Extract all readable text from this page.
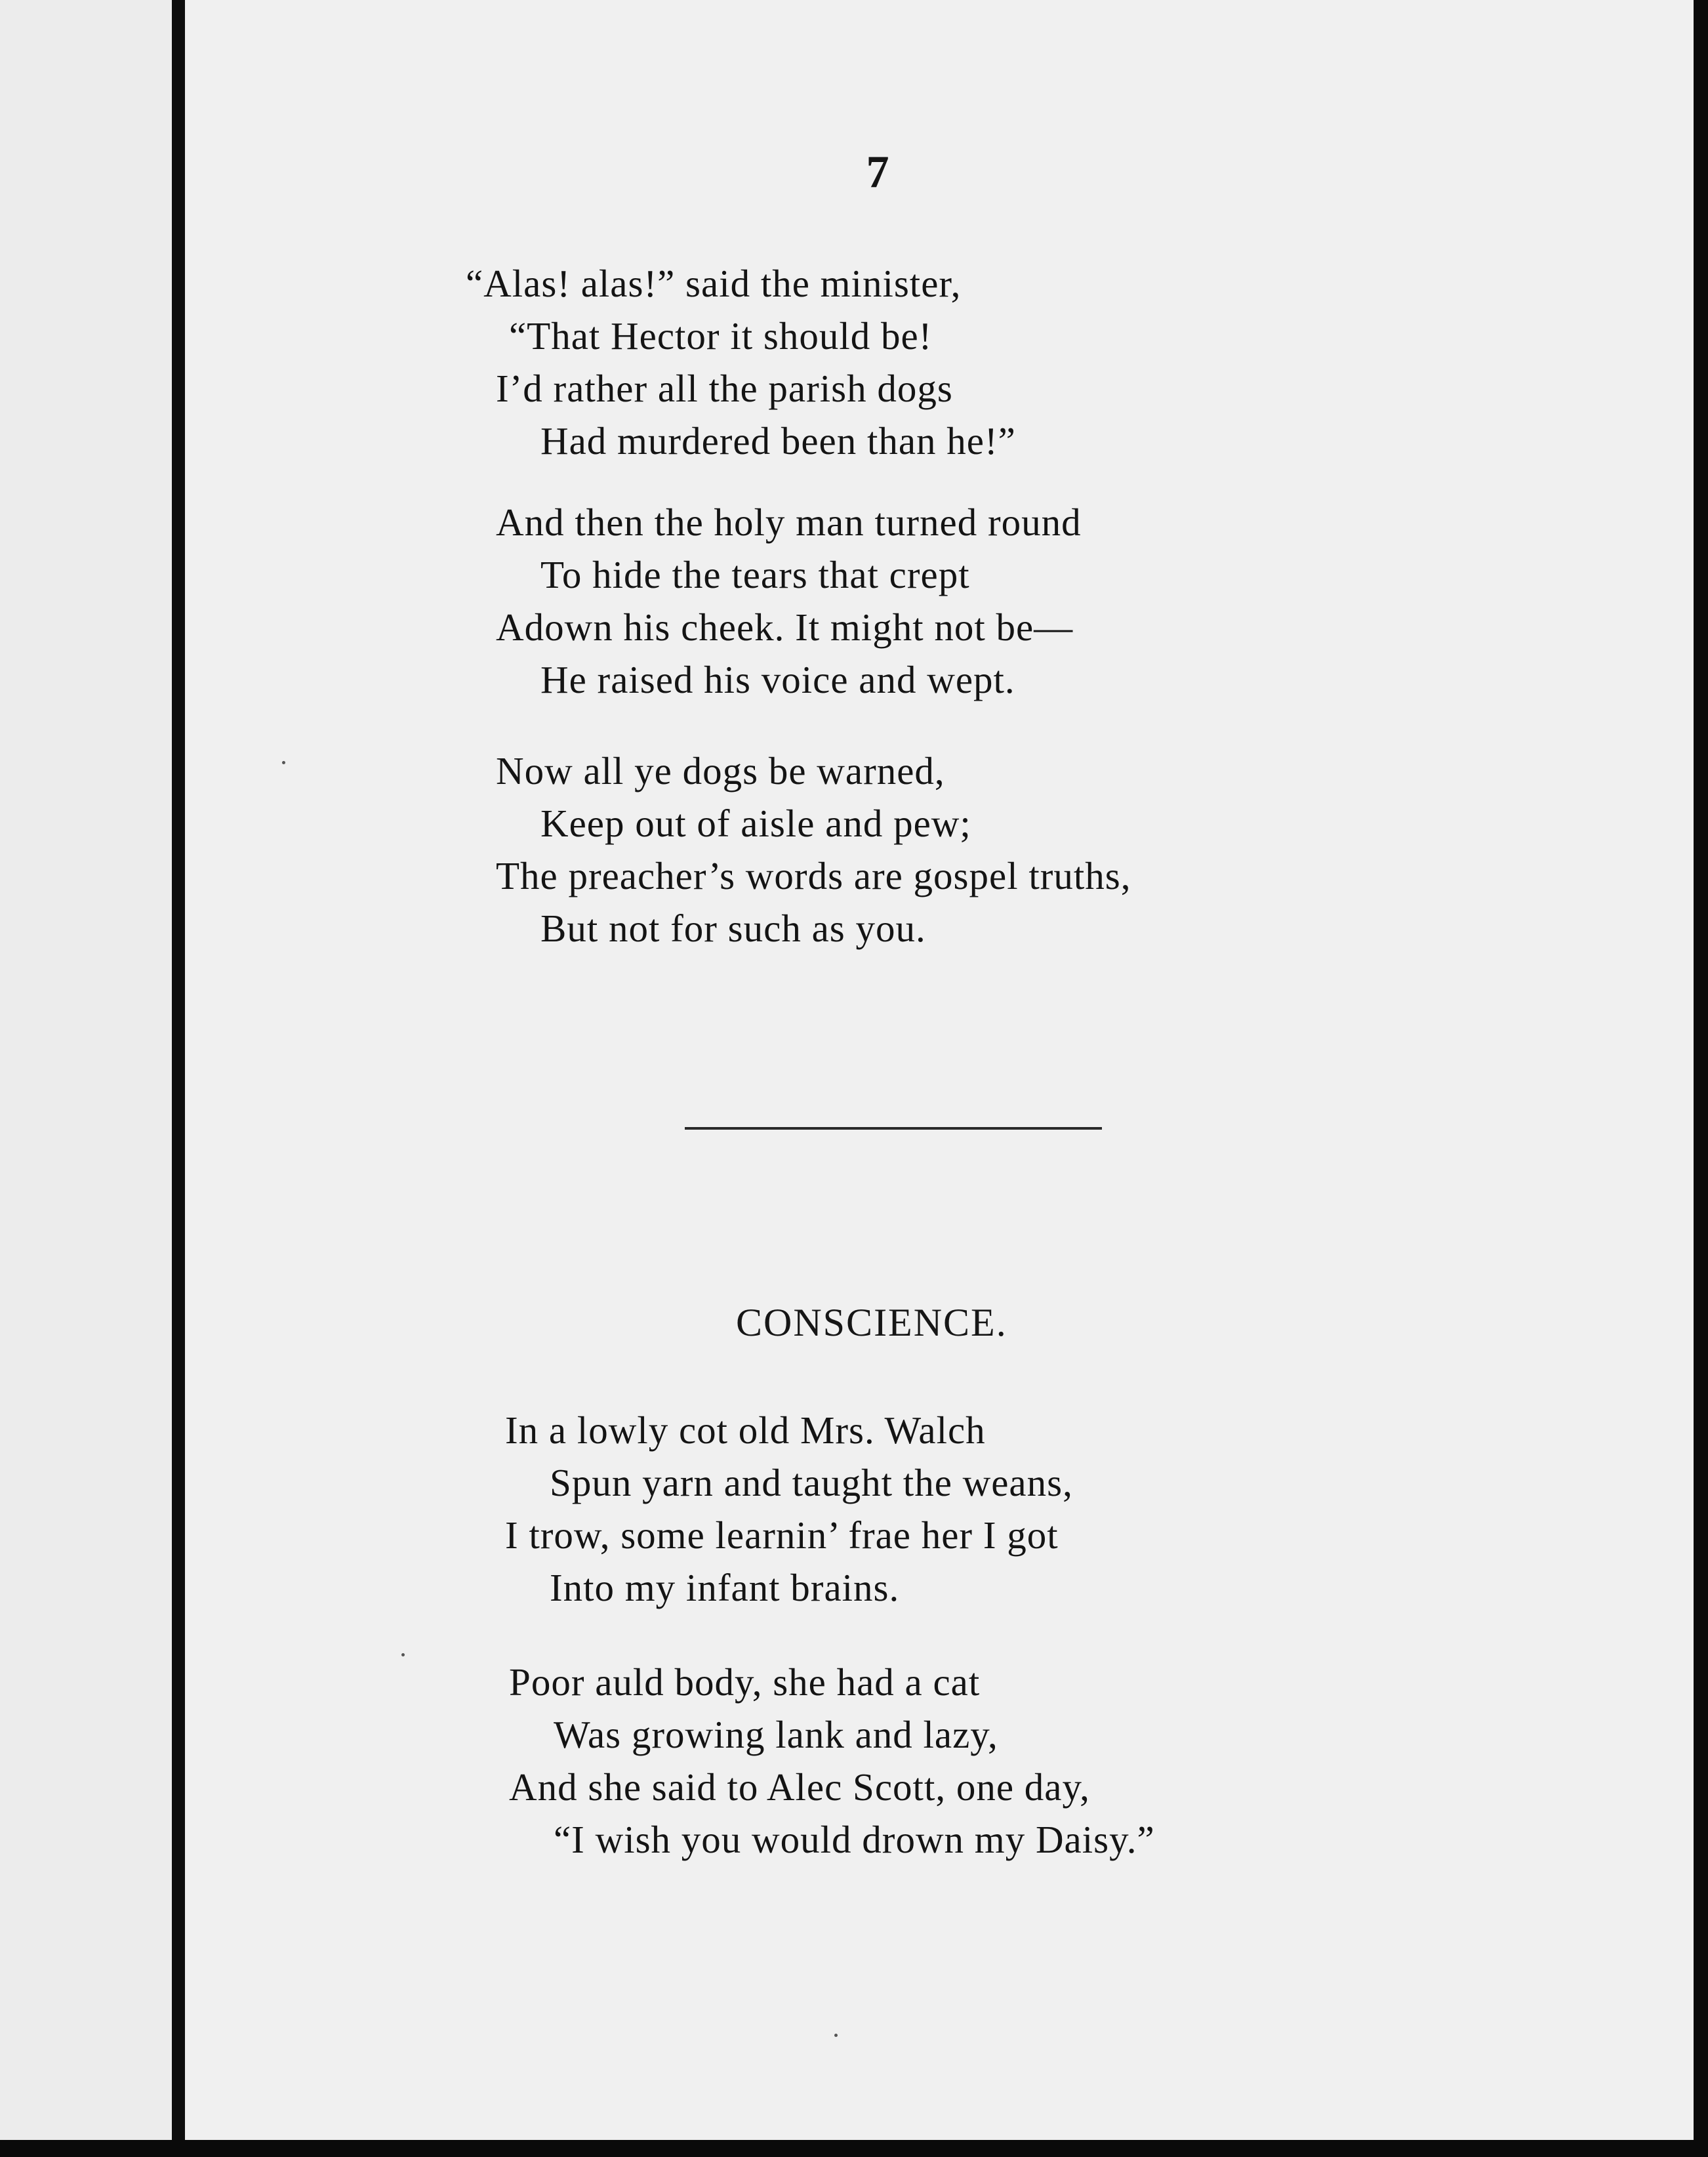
7
“Alas! alas!” said the minister,
“That Hector it should be!
I’d rather all the parish dogs
Had murdered been than he!”
And then the holy man turned round
To hide the tears that crept
Adown his cheek. It might not be—
He raised his voice and wept.
Now all ye dogs be warned,
Keep out of aisle and pew;
The preacher’s words are gospel truths,
But not for such as you.
CONSCIENCE.
In a lowly cot old Mrs. Walch
Spun yarn and taught the weans,
I trow, some learnin’ frae her I got
Into my infant brains.
Poor auld body, she had a cat
Was growing lank and lazy,
And she said to Alec Scott, one day,
“I wish you would drown my Daisy.”
